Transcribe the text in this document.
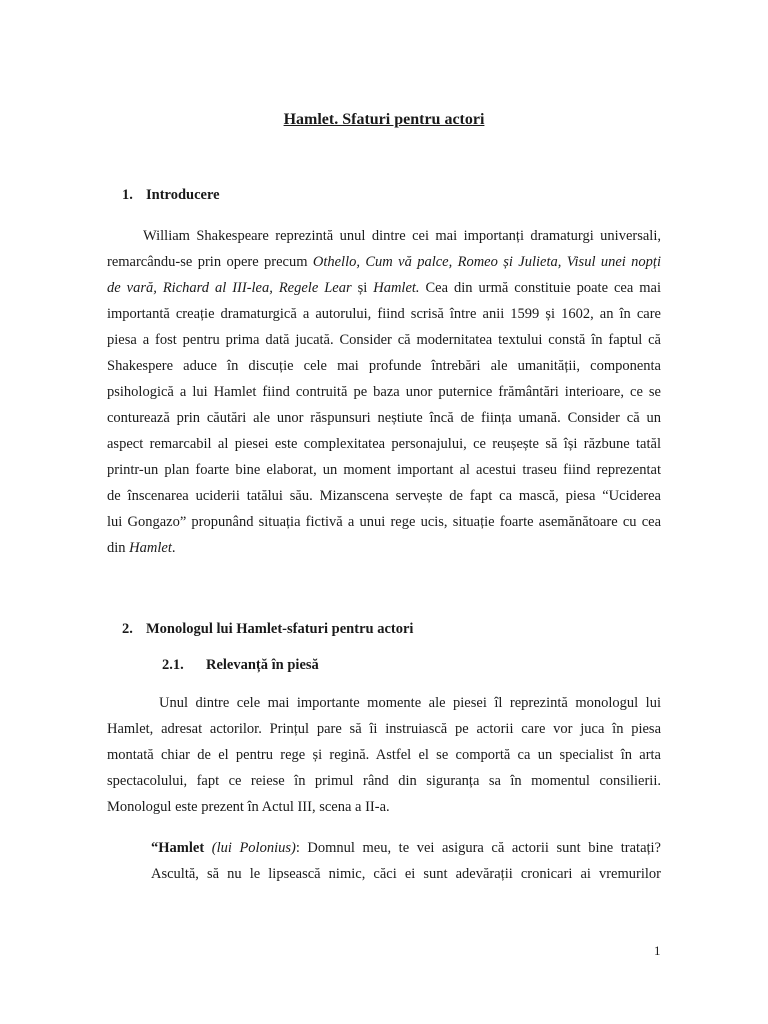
Hamlet. Sfaturi pentru actori
1. Introducere
William Shakespeare reprezintă unul dintre cei mai importanți dramaturgi universali,
remarcându-se prin opere precum Othello, Cum vă palce, Romeo și Julieta, Visul unei nopți
de vară, Richard al III-lea, Regele Lear și Hamlet. Cea din urmă constituie poate cea mai
importantă creație dramaturgică a autorului, fiind scrisă între anii 1599 și 1602, an în care
piesa a fost pentru prima dată jucată. Consider că modernitatea textului constă în faptul că
Shakespere aduce în discuție cele mai profunde întrebări ale umanității, componenta
psihologică a lui Hamlet fiind contruită pe baza unor puternice frământări interioare, ce se
conturează prin căutări ale unor răspunsuri neștiute încă de ființa umană. Consider că un
aspect remarcabil al piesei este complexitatea personajului, ce reușește să își răzbune tatăl
printr-un plan foarte bine elaborat, un moment important al acestui traseu fiind reprezentat
de înscenarea uciderii tatălui său. Mizanscena servește de fapt ca mască, piesa “Uciderea
lui Gongazo” propunând situația fictivă a unui rege ucis, situație foarte asemănătoare cu cea
din Hamlet.
2. Monologul lui Hamlet-sfaturi pentru actori
2.1. Relevanță în piesă
Unul dintre cele mai importante momente ale piesei îl reprezintă monologul lui
Hamlet, adresat actorilor. Prințul pare să îi instruiască pe actorii care vor juca în piesa
montată chiar de el pentru rege și regină. Astfel el se comportă ca un specialist în arta
spectacolului, fapt ce reiese în primul rând din siguranța sa în momentul consilierii.
Monologul este prezent în Actul III, scena a II-a.
“Hamlet (lui Polonius): Domnul meu, te vei asigura că actorii sunt bine tratați?
Ascultă, să nu le lipsească nimic, căci ei sunt adevărații cronicari ai vremurilor
1
